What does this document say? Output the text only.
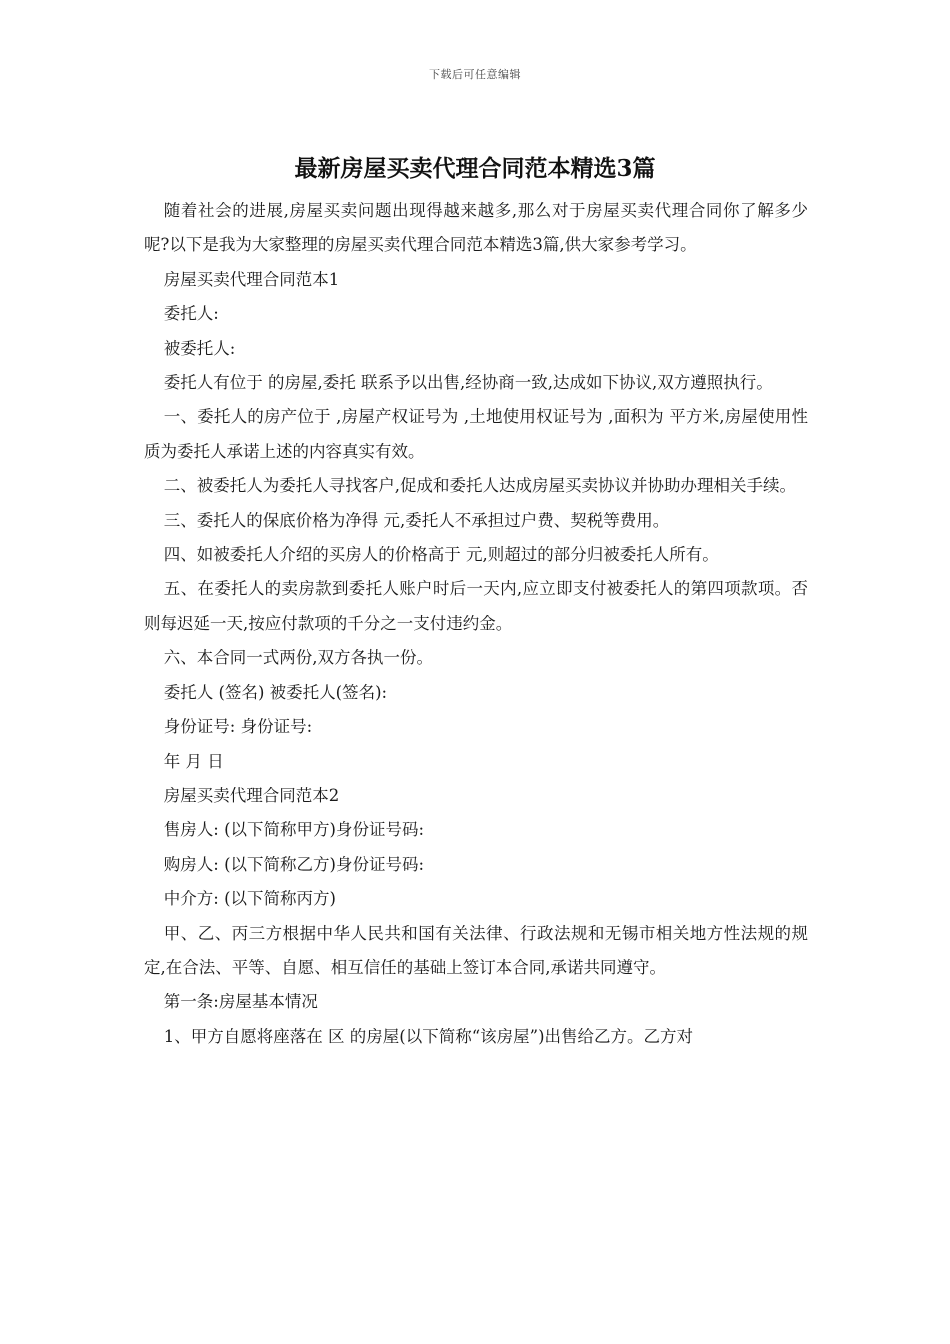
下载后可任意编辑
最新房屋买卖代理合同范本精选3篇

随着社会的进展,房屋买卖问题出现得越来越多,那么对于房屋买卖代理合同你了解多少呢?以下是我为大家整理的房屋买卖代理合同范本精选3篇,供大家参考学习。

房屋买卖代理合同范本1

委托人:

被委托人:

委托人有位于 的房屋,委托 联系予以出售,经协商一致,达成如下协议,双方遵照执行。

一、委托人的房产位于 ,房屋产权证号为 ,土地使用权证号为 ,面积为 平方米,房屋使用性质为委托人承诺上述的内容真实有效。

二、被委托人为委托人寻找客户,促成和委托人达成房屋买卖协议并协助办理相关手续。

三、委托人的保底价格为净得 元,委托人不承担过户费、契税等费用。

四、如被委托人介绍的买房人的价格高于 元,则超过的部分归被委托人所有。

五、在委托人的卖房款到委托人账户时后一天内,应立即支付被委托人的第四项款项。否则每迟延一天,按应付款项的千分之一支付违约金。

六、本合同一式两份,双方各执一份。

委托人 (签名) 被委托人(签名):

身份证号: 身份证号:

年 月 日

房屋买卖代理合同范本2

售房人: (以下简称甲方)身份证号码:

购房人: (以下简称乙方)身份证号码:

中介方: (以下简称丙方)

甲、乙、丙三方根据中华人民共和国有关法律、行政法规和无锡市相关地方性法规的规定,在合法、平等、自愿、相互信任的基础上签订本合同,承诺共同遵守。

第一条:房屋基本情况

1、甲方自愿将座落在 区 的房屋(以下简称“该房屋”)出售给乙方。乙方对
